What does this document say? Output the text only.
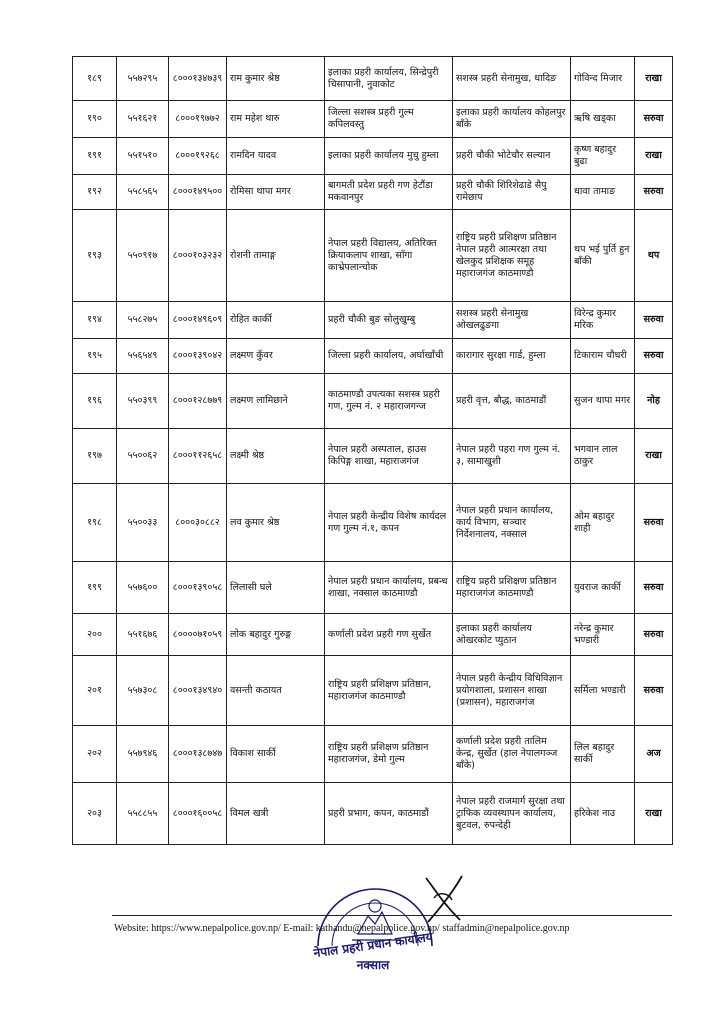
१८९	५५७२९५	८०००१३४७३९	राम कुमार श्रेष्ठ	इलाका प्रहरी कार्यालय, सिन्द्रेपुरी चिसापानी, नुवाकोट	सशस्त्र प्रहरी सेनामुख, धादिङ	गोविन्द मिजार	राखा
१९०	५५१६२१	८०००१९७७२	राम महेश थारु	जिल्ला सशस्त्र प्रहरी गुल्म कपिलवस्तु	इलाका प्रहरी कार्यालय कोहलपुर बाँके	ऋषि खड्का	सरुवा
१९१	५५१५१०	८०००१९२६८	रामदिन यादव	इलाका प्रहरी कार्यालय मुचु हुम्ला	प्रहरी चौकी भोटेचौर सल्यान	कृष्ण बहादुर बुढा	राखा
१९२	५५८५६५	८०००१४९५००	रोमिसा थापा मगर	बागमती प्रदेश प्रहरी गण हेटौंडा मकवानपुर	प्रहरी चौकी शिरिशेढाडे सैपु रामेछाप	धावा तामाङ	सरुवा
१९३	५५०९१७	८०००१०३२३२	रोशनी तामाङ्ग	नेपाल प्रहरी विद्यालय, अतिरिक्त क्रियाकलाप शाखा, साँगा काभ्रेपलान्चोक	राष्ट्रिय प्रहरी प्रशिक्षण प्रतिष्ठान नेपाल प्रहरी आत्मरक्षा तथा खेलकुद प्रशिक्षक समूह महाराजगंज काठमाण्डौ	थप भई पुर्ति हुन बाँकी	थप
१९४	५५८२७५	८०००१४९६०९	रोहित कार्की	प्रहरी चौकी बुङ सोलुखुम्बु	सशस्त्र प्रहरी सेनामुख ओखलढुङगा	विरेन्द्र कुमार मरिक	सरुवा
१९५	५५६५४९	८०००१३९०४२	लक्ष्मण कुँवर	जिल्ला प्रहरी कार्यालय, अर्घाखाँची	कारागार सुरक्षा गार्ड, हुम्ला	टिकाराम चौधरी	सरुवा
१९६	५५०३९९	८०००१२८७७९	लक्ष्मण लामिछाने	काठमाण्डौ उपत्यका सशस्त्र प्रहरी गण, गुल्म नं. २ महाराजगन्ज	प्रहरी वृत्त, बौद्ध, काठमाडौं	सुजन थापा मगर	नोह
१९७	५५००६२	८०००११२६५८	लक्ष्मी श्रेष्ठ	नेपाल प्रहरी अस्पताल, हाउस किपिङ्ग शाखा, महाराजगंज	नेपाल प्रहरी पहरा गण गुल्म नं. ३, सामाखुशी	भगवान लाल ठाकुर	राखा
१९८	५५००३३	८०००३०८८२	लव कुमार श्रेष्ठ	नेपाल प्रहरी केन्द्रीय विशेष कार्यदल गण गुल्म नं.१, कपन	नेपाल प्रहरी प्रधान कार्यालय, कार्य विभाग, सञ्चार निर्देशनालय, नक्साल	ओम बहादुर शाही	सरुवा
१९९	५५७६००	८०००१३९०५८	लिलासी घले	नेपाल प्रहरी प्रधान कार्यालय, प्रबन्ध शाखा, नक्साल काठमाण्डौ	राष्ट्रिय प्रहरी प्रशिक्षण प्रतिष्ठान महाराजगंज काठमाण्डौ	युवराज कार्की	सरुवा
२००	५५१६७६	८००००७१०५९	लोक बहादुर गुरुङ्ग	कर्णाली प्रदेश प्रहरी गण सुर्खेत	इलाका प्रहरी कार्यालय ओखरकोट प्युठान	नरेन्द्र कुमार भण्डारी	सरुवा
२०१	५५७३०८	८०००१३४९४०	वसन्ती कठायत	राष्ट्रिय प्रहरी प्रशिक्षण प्रतिष्ठान, महाराजगंज काठमाण्डौ	नेपाल प्रहरी केन्द्रीय विधिविज्ञान प्रयोगशाला, प्रशासन शाखा (प्रशासन), महाराजगंज	सर्मिला भण्डारी	सरुवा
२०२	५५७९४६	८०००१३८७४७	विकाश सार्की	राष्ट्रिय प्रहरी प्रशिक्षण प्रतिष्ठान महाराजगंज, डेमो गुल्म	कर्णाली प्रदेश प्रहरी तालिम केन्द्र, सुर्खेत (हाल नेपालगञ्ज बाँके)	लिल बहादुर सार्की	अज
२०३	५५८८५५	८०००१६००५८	विमल खत्री	प्रहरी प्रभाग, कपन, काठमाडौं	नेपाल प्रहरी राजमार्ग सुरक्षा तथा ट्राफिक व्यवस्थापन कार्यालय, बुटवल, रुपन्देही	हरिकेश नाउ	राखा
Website: https://www.nepalpolice.gov.np/ E-mail: kathandu@nepalpolice.gov.np/ staffadmin@nepalpolice.gov.np
नेपाल प्रहरी प्रधान कार्यालय
नक्साल
